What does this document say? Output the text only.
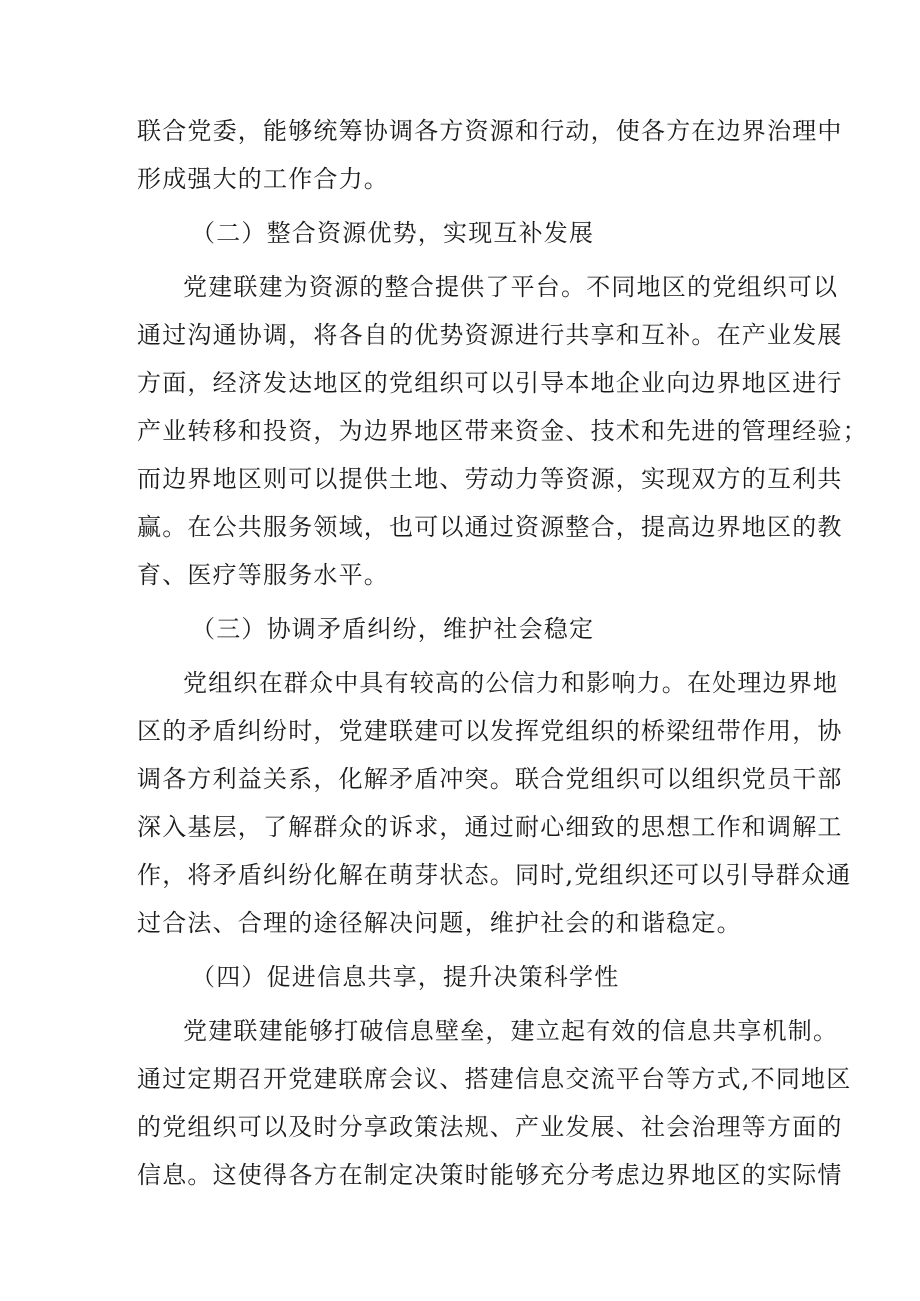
联合党委，能够统筹协调各方资源和行动，使各方在边界治理中
形成强大的工作合力。
（二）整合资源优势，实现互补发展
党建联建为资源的整合提供了平台。不同地区的党组织可以
通过沟通协调，将各自的优势资源进行共享和互补。在产业发展
方面，经济发达地区的党组织可以引导本地企业向边界地区进行
产业转移和投资，为边界地区带来资金、技术和先进的管理经验；
而边界地区则可以提供土地、劳动力等资源，实现双方的互利共
赢。在公共服务领域，也可以通过资源整合，提高边界地区的教
育、医疗等服务水平。
（三）协调矛盾纠纷，维护社会稳定
党组织在群众中具有较高的公信力和影响力。在处理边界地
区的矛盾纠纷时，党建联建可以发挥党组织的桥梁纽带作用，协
调各方利益关系，化解矛盾冲突。联合党组织可以组织党员干部
深入基层，了解群众的诉求，通过耐心细致的思想工作和调解工
作，将矛盾纠纷化解在萌芽状态。同时,党组织还可以引导群众通
过合法、合理的途径解决问题，维护社会的和谐稳定。
（四）促进信息共享，提升决策科学性
党建联建能够打破信息壁垒，建立起有效的信息共享机制。
通过定期召开党建联席会议、搭建信息交流平台等方式,不同地区
的党组织可以及时分享政策法规、产业发展、社会治理等方面的
信息。这使得各方在制定决策时能够充分考虑边界地区的实际情
